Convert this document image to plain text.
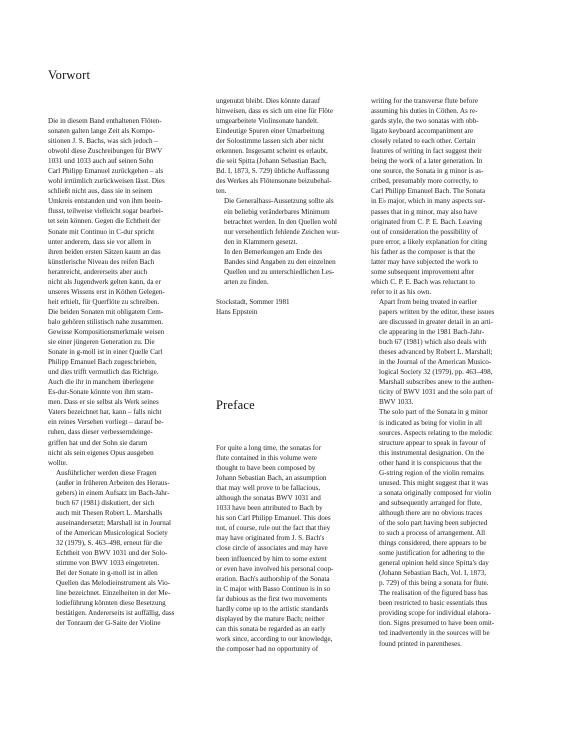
Vorwort
Die in diesem Band enthaltenen Flöten-
sonaten galten lange Zeit als Kompo-
sitionen J. S. Bachs, was sich jedoch –
obwohl diese Zuschreibungen für BWV
1031 und 1033 auch auf seinen Sohn
Carl Philipp Emanuel zurückgehen – als
wohl irrtümlich zurückweisen lässt. Dies
schließt nicht aus, dass sie in seinem
Umkreis entstanden und von ihm beein-
flusst, teilweise vielleicht sogar bearbei-
tet sein können. Gegen die Echtheit der
Sonate mit Continuo in C-dur spricht
unter anderem, dass sie vor allem in
ihren beiden ersten Sätzen kaum an das
künstlerische Niveau des reifen Bach
heranreicht, andererseits aber auch
nicht als Jugendwerk gelten kann, da er
unseres Wissens erst in Köthen Gelegen-
heit erhielt, für Querflöte zu schreiben.
Die beiden Sonaten mit obligatem Cem-
balo gehören stilistisch nahe zusammen.
Gewisse Kompositionsmerkmale weisen
sie einer jüngeren Generation zu. Die
Sonate in g-moll ist in einer Quelle Carl
Philipp Emanuel Bach zugeschrieben,
und dies trifft vermutlich das Richtige.
Auch die ihr in manchem überlegene
Es-dur-Sonate könnte von ihm stam-
men. Dass er sie selbst als Werk seines
Vaters bezeichnet hat, kann – falls nicht
ein reines Versehen vorliegt – darauf be-
ruhen, dass dieser verbesserndeinge-
griffen hat und der Sohn sie darum
nicht als sein eigenes Opus ausgeben
wollte.
Ausführlicher werden diese Fragen
(außer in früheren Arbeiten des Heraus-
gebers) in einem Aufsatz im Bach-Jahr-
buch 67 (1981) diskutiert, der sich
auch mit Thesen Robert L. Marshalls
auseinandersetzt; Marshall ist in Journal
of the American Musicological Society
32 (1979), S. 463–498, erneut für die
Echtheit von BWV 1031 und der Solo-
stimme von BWV 1033 eingetreten.
Bei der Sonate in g-moll ist in allen
Quellen das Melodieinstrument als Vio-
line bezeichnet. Einzelheiten in der Me-
lodieführung könnten diese Besetzung
bestätigen. Andererseits ist auffällig, dass
der Tonraum der G-Saite der Violine
ungenutzt bleibt. Dies könnte darauf
hinweisen, dass es sich um eine für Flöte
umgearbeitete Violinsonate handelt.
Eindeutige Spuren einer Umarbeitung
der Solostimme lassen sich aber nicht
erkennen. Insgesamt scheint es erlaubt,
die seit Spitta (Johann Sebastian Bach,
Bd. I, 1873, S. 729) übliche Auffassung
des Werkes als Flötensonate beizubehal-
ten.
Die Generalbass-Aussetzung sollte als
ein beliebig veränderbares Minimum
betrachtet werden. In den Quellen wohl
nur versehentlich fehlende Zeichen wur-
den in Klammern gesetzt.
In den Bemerkungen am Ende des
Bandes sind Angaben zu den einzelnen
Quellen und zu unterschiedlichen Les-
arten zu finden.
Stockstadt, Sommer 1981
Hans Eppstein
Preface
For quite a long time, the sonatas for
flute contained in this volume were
thought to have been composed by
Johann Sebastian Bach, an assumption
that may well prove to be fallacious,
although the sonatas BWV 1031 and
1033 have been attributed to Bach by
his son Carl Philipp Emanuel. This does
not, of course, rule out the fact that they
may have originated from J. S. Bach's
close circle of associates and may have
been influenced by him to some extent
or even have involved his personal coop-
eration. Bach's authorship of the Sonata
in C major with Basso Continuo is in so
far dubious as the first two movements
hardly come up to the artistic standards
displayed by the mature Bach; neither
can this sonata be regarded as an early
work since, according to our knowledge,
the composer had no opportunity of
writing for the transverse flute before
assuming his duties in Cöthen. As re-
gards style, the two sonatas with obb-
ligato keyboard accompaniment are
closely related to each other. Certain
features of writing in fact suggest their
being the work of a later generation. In
one source, the Sonata in g minor is as-
cribed, presumably more correctly, to
Carl Philipp Emanuel Bach. The Sonata
in E♭ major, which in many aspects sur-
passes that in g minor, may also have
originated from C. P. E. Bach. Leaving
out of consideration the possibility of
pure error, a likely explanation for citing
his father as the composer is that the
latter may have subjected the work to
some subsequent improvement after
which C. P. E. Bach was reluctant to
refer to it as his own.
Apart from being treated in earlier
papers written by the editor, these issues
are discussed in greater detail in an arti-
cle appearing in the 1981 Bach-Jahr-
buch 67 (1981) which also deals with
theses advanced by Robert L. Marshall;
in the Journal of the American Musico-
logical Society 32 (1979), pp. 463–498,
Marshall subscribes anew to the authen-
ticity of BWV 1031 and the solo part of
BWV 1033.
The solo part of the Sonata in g minor
is indicated as being for violin in all
sources. Aspects relating to the melodic
structure appear to speak in favour of
this instrumental designation. On the
other hand it is conspicuous that the
G-string region of the violin remains
unused. This might suggest that it was
a sonata originally composed for violin
and subsequently arranged for flute,
although there are no obvious traces
of the solo part having been subjected
to such a process of arrangement. All
things considered, there appears to be
some justification for adhering to the
general opinion held since Spitta's day
(Johann Sebastian Bach, Vol. I, 1873,
p. 729) of this being a sonata for flute.
The realisation of the figured bass has
been restricted to basic essentials thus
providing scope for individual elabora-
tion. Signs presumed to have been omit-
ted inadvertently in the sources will be
found printed in parentheses.
